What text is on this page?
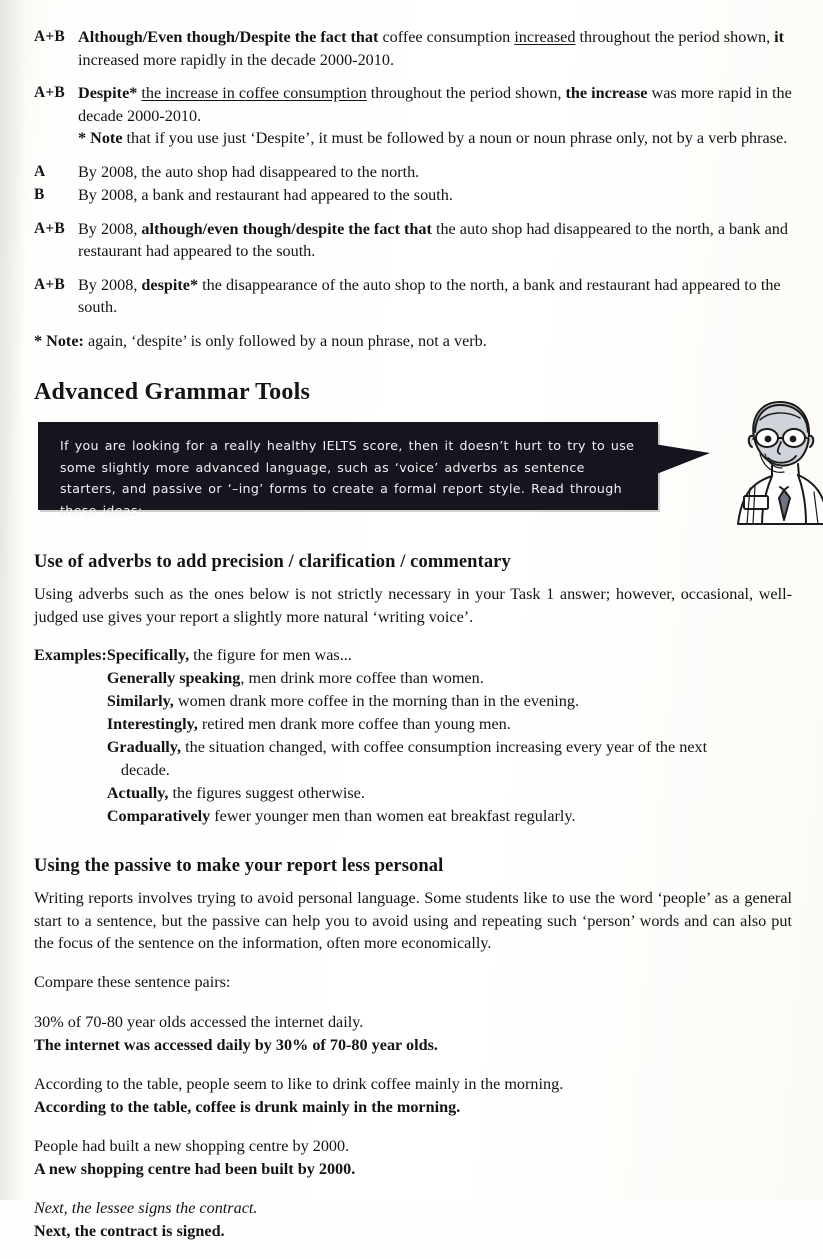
A+B Although/Even though/Despite the fact that coffee consumption increased throughout the period shown, it increased more rapidly in the decade 2000-2010.
A+B Despite* the increase in coffee consumption throughout the period shown, the increase was more rapid in the decade 2000-2010.
* Note that if you use just ‘Despite’, it must be followed by a noun or noun phrase only, not by a verb phrase.
A	By 2008, the auto shop had disappeared to the north.
B	By 2008, a bank and restaurant had appeared to the south.
A+B By 2008, although/even though/despite the fact that the auto shop had disappeared to the north, a bank and restaurant had appeared to the south.
A+B By 2008, despite* the disappearance of the auto shop to the north, a bank and restaurant had appeared to the south.
* Note: again, ‘despite’ is only followed by a noun phrase, not a verb.
Advanced Grammar Tools

If you are looking for a really healthy IELTS score, then it doesn’t hurt to try to use some slightly more advanced language, such as ‘voice’ adverbs as sentence starters, and passive or ‘–ing’ forms to create a formal report style. Read through these ideas:

Use of adverbs to add precision / clarification / commentary

Using adverbs such as the ones below is not strictly necessary in your Task 1 answer; however, occasional, well-judged use gives your report a slightly more natural ‘writing voice’.

Examples: Specifically, the figure for men was...
Generally speaking, men drink more coffee than women.
Similarly, women drank more coffee in the morning than in the evening.
Interestingly, retired men drank more coffee than young men.
Gradually, the situation changed, with coffee consumption increasing every year of the next
decade.
Actually, the figures suggest otherwise.
Comparatively fewer younger men than women eat breakfast regularly.
Using the passive to make your report less personal

Writing reports involves trying to avoid personal language. Some students like to use the word ‘people’ as a general start to a sentence, but the passive can help you to avoid using and repeating such ‘person’ words and can also put the focus of the sentence on the information, often more economically.

Compare these sentence pairs:

30% of 70-80 year olds accessed the internet daily.
The internet was accessed daily by 30% of 70-80 year olds.
According to the table, people seem to like to drink coffee mainly in the morning.
According to the table, coffee is drunk mainly in the morning.
People had built a new shopping centre by 2000.
A new shopping centre had been built by 2000.
Next, the lessee signs the contract.
Next, the contract is signed.
